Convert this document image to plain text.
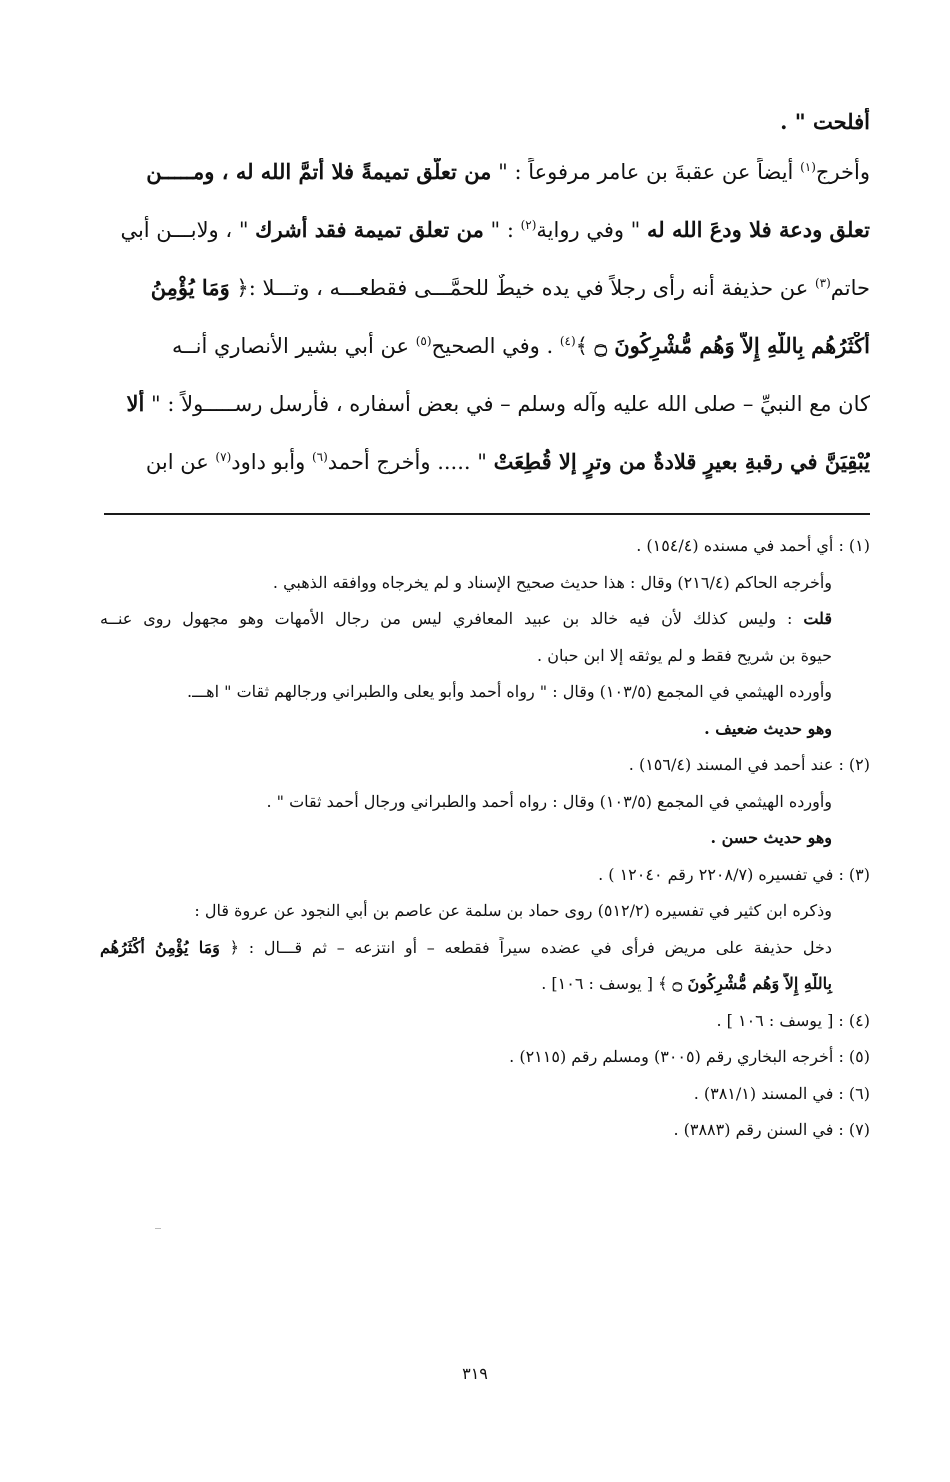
أفلحت " .
وأخرج$^{(١)}$ أيضاً عن عقبةَ بن عامر مرفوعاً : " من تعلَّق تميمةً فلا أتمَّ الله له ، ومـــــن
تعلق ودعة فلا ودعَ الله له " وفي رواية$^{(٢)}$ : " من تعلق تميمة فقد أشرك " ، ولابـــن أبي
حاتم$^{(٣)}$ عن حذيفة أنه رأى رجلاً في يده خيطٌ للحمَّـــى فقطعـــه ، وتـــلا :﴿ وَمَا يُؤْمِنُ
أَكْثَرُهُم بِاللَّهِ إِلاَّ وَهُم مُّشْرِكُونَ ۝ ﴾$^{(٤)}$ . وفي الصحيح$^{(٥)}$ عن أبي بشير الأنصاري أنــه
كان مع النبيِّ – صلى الله عليه وآله وسلم – في بعض أسفاره ، فأرسل رســـــولاً : " ألا
يُبْقِيَنَّ في رقبةِ بعيرٍ قلادةٌ من وترٍ إلا قُطِعَتْ " ..... وأخرج أحمد$^{(٦)}$ وأبو داود$^{(٧)}$ عن ابن
(١) : أي أحمد في مسنده (١٥٤/٤) .
وأخرجه الحاكم (٢١٦/٤) وقال : هذا حديث صحيح الإسناد و لم يخرجاه ووافقه الذهبي .
قلت : وليس كذلك لأن فيه خالد بن عبيد المعافري ليس من رجال الأمهات وهو مجهول روى عنــه
حيوة بن شريح فقط و لم يوثقه إلا ابن حبان .
وأورده الهيثمي في المجمع (١٠٣/٥) وقال : " رواه أحمد وأبو يعلى والطبراني ورجالهم ثقات " اهـــ.
وهو حديث ضعيف .
(٢) : عند أحمد في المسند (١٥٦/٤) .
وأورده الهيثمي في المجمع (١٠٣/٥) وقال : رواه أحمد والطبراني ورجال أحمد ثقات " .
وهو حديث حسن .
(٣) : في تفسيره (٢٢٠٨/٧ رقم ١٢٠٤٠ ) .
وذكره ابن كثير في تفسيره (٥١٢/٢) روى حماد بن سلمة عن عاصم بن أبي النجود عن عروة قال :
دخل حذيفة على مريض فرأى في عضده سيراً فقطعه – أو انتزعه – ثم قـــال : ﴿ وَمَا يُؤْمِنُ أَكْثَرُهُم
بِاللَّهِ إِلاَّ وَهُم مُّشْرِكُونَ ۝ ﴾ [ يوسف : ١٠٦] .
(٤) : [ يوسف : ١٠٦ ] .
(٥) : أخرجه البخاري رقم (٣٠٠٥) ومسلم رقم (٢١١٥) .
(٦) : في المسند (٣٨١/١) .
(٧) : في السنن رقم (٣٨٨٣) .
٣١٩
